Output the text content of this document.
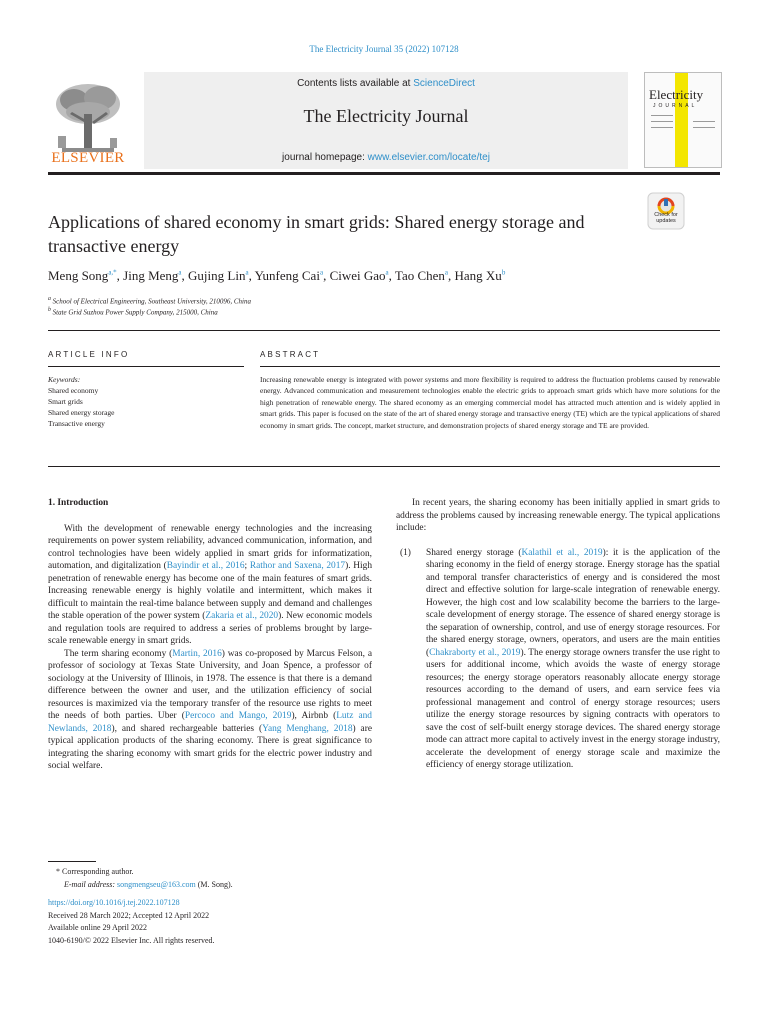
The Electricity Journal 35 (2022) 107128
ELSEVIER
Contents lists available at ScienceDirect
The Electricity Journal
journal homepage: www.elsevier.com/locate/tej
Electricity
JOURNAL
Applications of shared economy in smart grids: Shared energy storage and transactive energy
Check for
updates
Meng Song$^{a,*}$, Jing Meng$^a$, Gujing Lin$^a$, Yunfeng Cai$^a$, Ciwei Gao$^a$, Tao Chen$^a$, Hang Xu$^b$
$^a$ School of Electrical Engineering, Southeast University, 210096, China
$^b$ State Grid Suzhou Power Supply Company, 215000, China
ARTICLE INFO	ABSTRACT
Keywords:
Shared economy
Smart grids
Shared energy storage
Transactive energy
Increasing renewable energy is integrated with power systems and more flexibility is required to address the fluctuation problems caused by renewable energy. Advanced communication and measurement technologies enable the electric grids to approach smart grids which have more solutions for the high penetration of renewable energy. The shared economy as an emerging commercial model has attracted much attention and is widely applied in smart grids. This paper is focused on the state of the art of shared energy storage and transactive energy (TE) which are the typical applications of shared economy in smart grids. The concept, market structure, and demonstration projects of shared energy storage and TE are provided.

1. Introduction

With the development of renewable energy technologies and the increasing requirements on power system reliability, advanced communication, information, and control technologies have been widely applied in smart grids for informatization, automation, and digitalization (Bayindir et al., 2016; Rathor and Saxena, 2017). High penetration of renewable energy has become one of the main features of smart grids. Increasing renewable energy is highly volatile and intermittent, which makes it difficult to maintain the real-time balance between supply and demand and challenges the stable operation of the power system (Zakaria et al., 2020). New economic models and regulation tools are required to address a series of problems brought by large-scale renewable energy in smart grids.

The term sharing economy (Martin, 2016) was co-proposed by Marcus Felson, a professor of sociology at Texas State University, and Joan Spence, a professor of sociology at the University of Illinois, in 1978. The essence is that there is a demand difference between the owner and user, and the utilization efficiency of social resources is maximized via the temporary transfer of the resource use rights to meet the needs of both parties. Uber (Percoco and Mango, 2019), Airbnb (Lutz and Newlands, 2018), and shared rechargeable batteries (Yang Menghang, 2018) are typical application products of the sharing economy. There is great significance to integrating the sharing economy with smart grids for the electric power industry and social welfare.

In recent years, the sharing economy has been initially applied in smart grids to address the problems caused by increasing renewable energy. The typical applications include:

(1)	Shared energy storage (Kalathil et al., 2019): it is the application of the sharing economy in the field of energy storage. Energy storage has the spatial and temporal transfer characteristics of energy and is considered the most direct and effective solution for large-scale integration of renewable energy. However, the high cost and low scalability become the barriers to the large-scale development of energy storage. The essence of shared energy storage is the separation of ownership, control, and use of energy storage resources. For the shared energy storage, owners, operators, and users are the main entities (Chakraborty et al., 2019). The energy storage owners transfer the use right to users for additional income, which avoids the waste of energy storage resources; the energy storage operators reasonably allocate energy storage resources according to the demand of users, and earn service fees via professional management and control of energy storage resources; users utilize the energy storage resources by signing contracts with operators to save the cost of self-built energy storage devices. The shared energy storage mode can attract more capital to actively invest in the energy storage industry, accelerate the development of energy storage scale and maximize the efficiency of energy storage utilization.
* Corresponding author.
E-mail address: songmengseu@163.com (M. Song).
https://doi.org/10.1016/j.tej.2022.107128
Received 28 March 2022; Accepted 12 April 2022
Available online 29 April 2022
1040-6190/© 2022 Elsevier Inc. All rights reserved.
